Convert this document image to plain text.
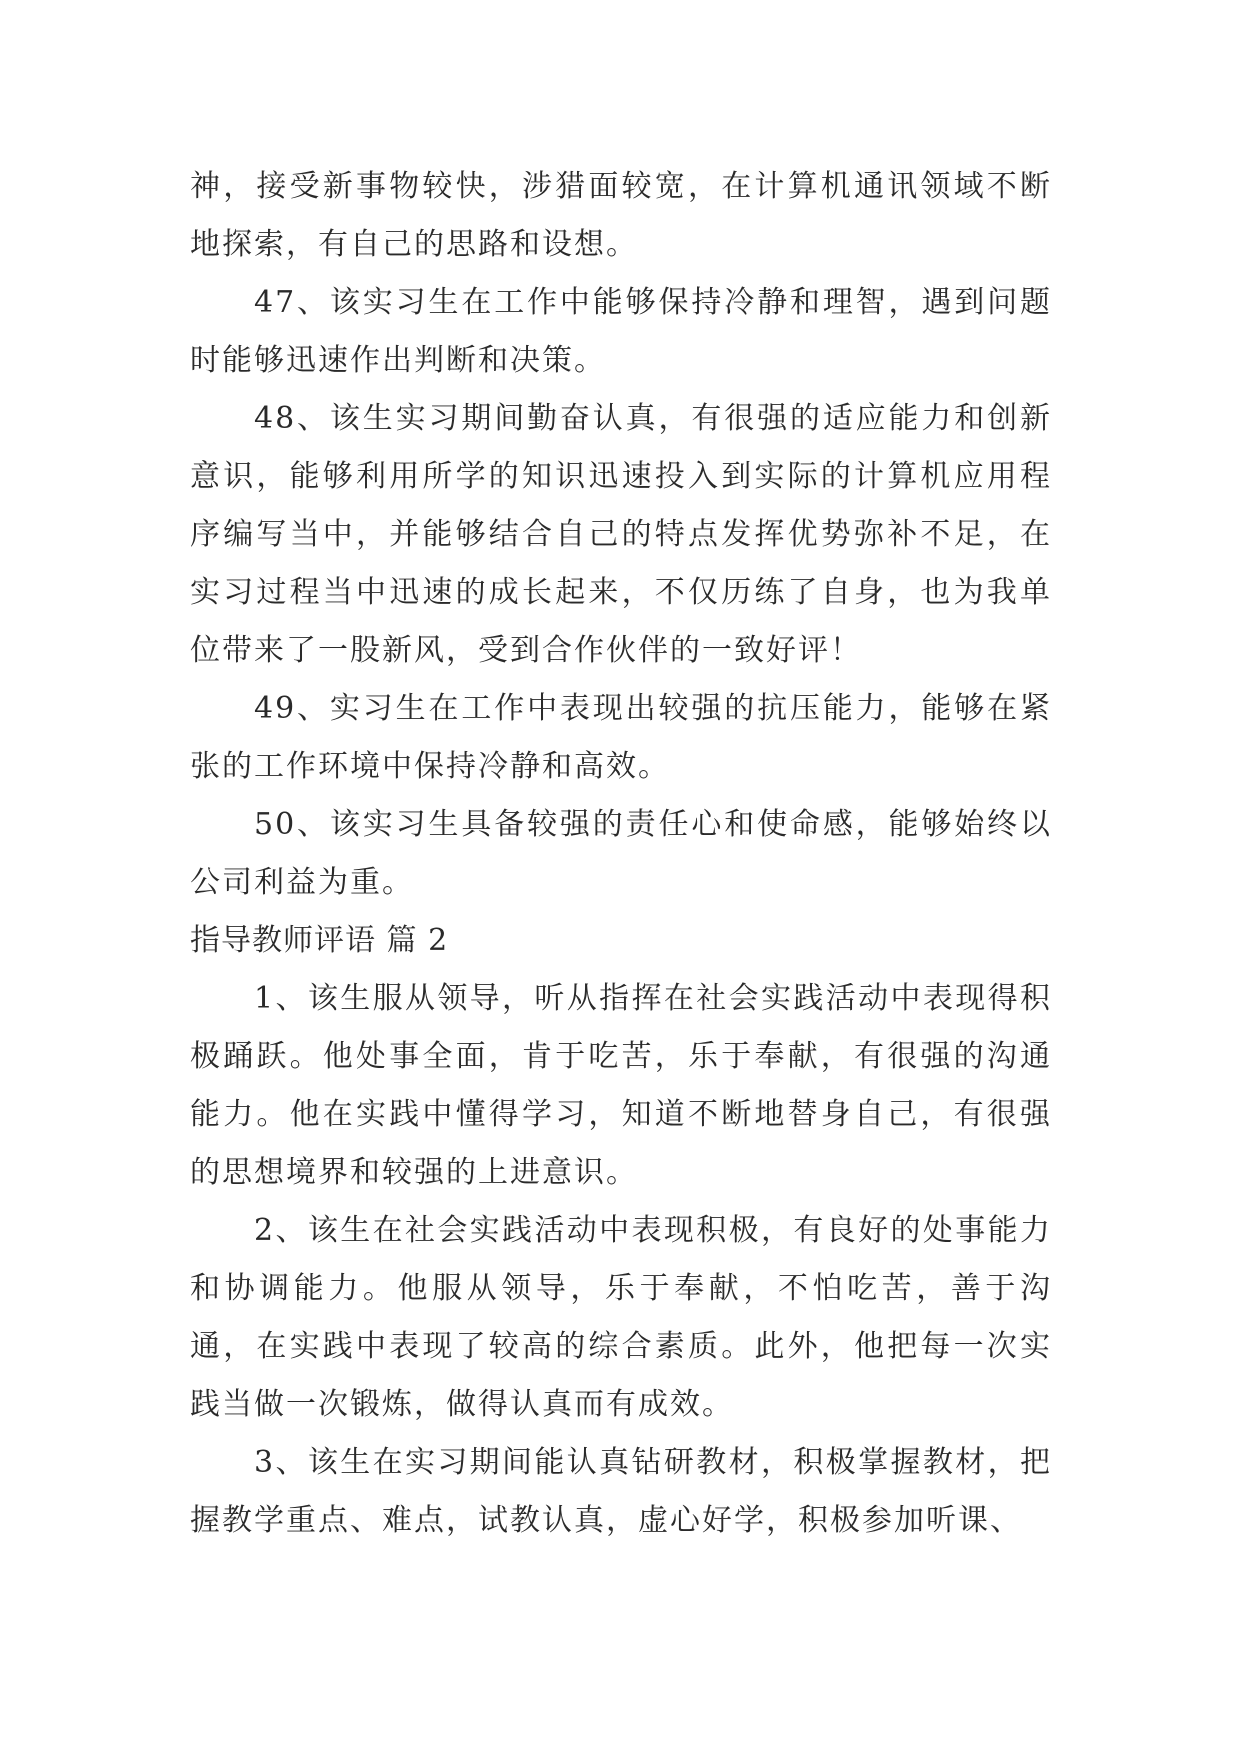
神，接受新事物较快，涉猎面较宽，在计算机通讯领域不断地探索，有自己的思路和设想。

47、该实习生在工作中能够保持冷静和理智，遇到问题时能够迅速作出判断和决策。

48、该生实习期间勤奋认真，有很强的适应能力和创新意识，能够利用所学的知识迅速投入到实际的计算机应用程序编写当中，并能够结合自己的特点发挥优势弥补不足，在实习过程当中迅速的成长起来，不仅历练了自身，也为我单位带来了一股新风，受到合作伙伴的一致好评！

49、实习生在工作中表现出较强的抗压能力，能够在紧张的工作环境中保持冷静和高效。

50、该实习生具备较强的责任心和使命感，能够始终以公司利益为重。

指导教师评语 篇 2

1、该生服从领导，听从指挥在社会实践活动中表现得积极踊跃。他处事全面，肯于吃苦，乐于奉献，有很强的沟通能力。他在实践中懂得学习，知道不断地替身自己，有很强的思想境界和较强的上进意识。

2、该生在社会实践活动中表现积极，有良好的处事能力和协调能力。他服从领导，乐于奉献，不怕吃苦，善于沟通，在实践中表现了较高的综合素质。此外，他把每一次实践当做一次锻炼，做得认真而有成效。

3、该生在实习期间能认真钻研教材，积极掌握教材，把握教学重点、难点，试教认真，虚心好学，积极参加听课、
